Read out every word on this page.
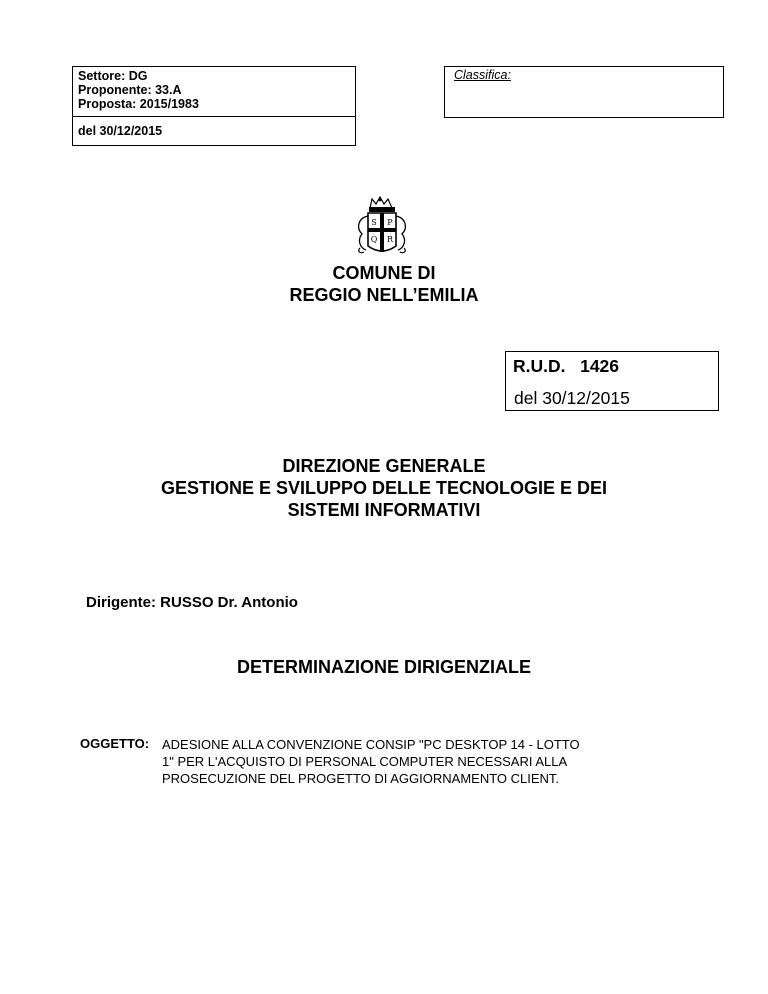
Settore: DG
Proponente: 33.A
Proposta: 2015/1983
del 30/12/2015
Classifica:
S P
Q R
COMUNE DI
REGGIO NELL’EMILIA
R.U.D.   1426
del 30/12/2015
DIREZIONE GENERALE
GESTIONE E SVILUPPO DELLE TECNOLOGIE E DEI
SISTEMI INFORMATIVI
Dirigente: RUSSO Dr. Antonio
DETERMINAZIONE DIRIGENZIALE
OGGETTO: ADESIONE ALLA CONVENZIONE CONSIP "PC DESKTOP 14 - LOTTO
1" PER L'ACQUISTO DI PERSONAL COMPUTER NECESSARI ALLA
PROSECUZIONE DEL PROGETTO DI AGGIORNAMENTO CLIENT.
